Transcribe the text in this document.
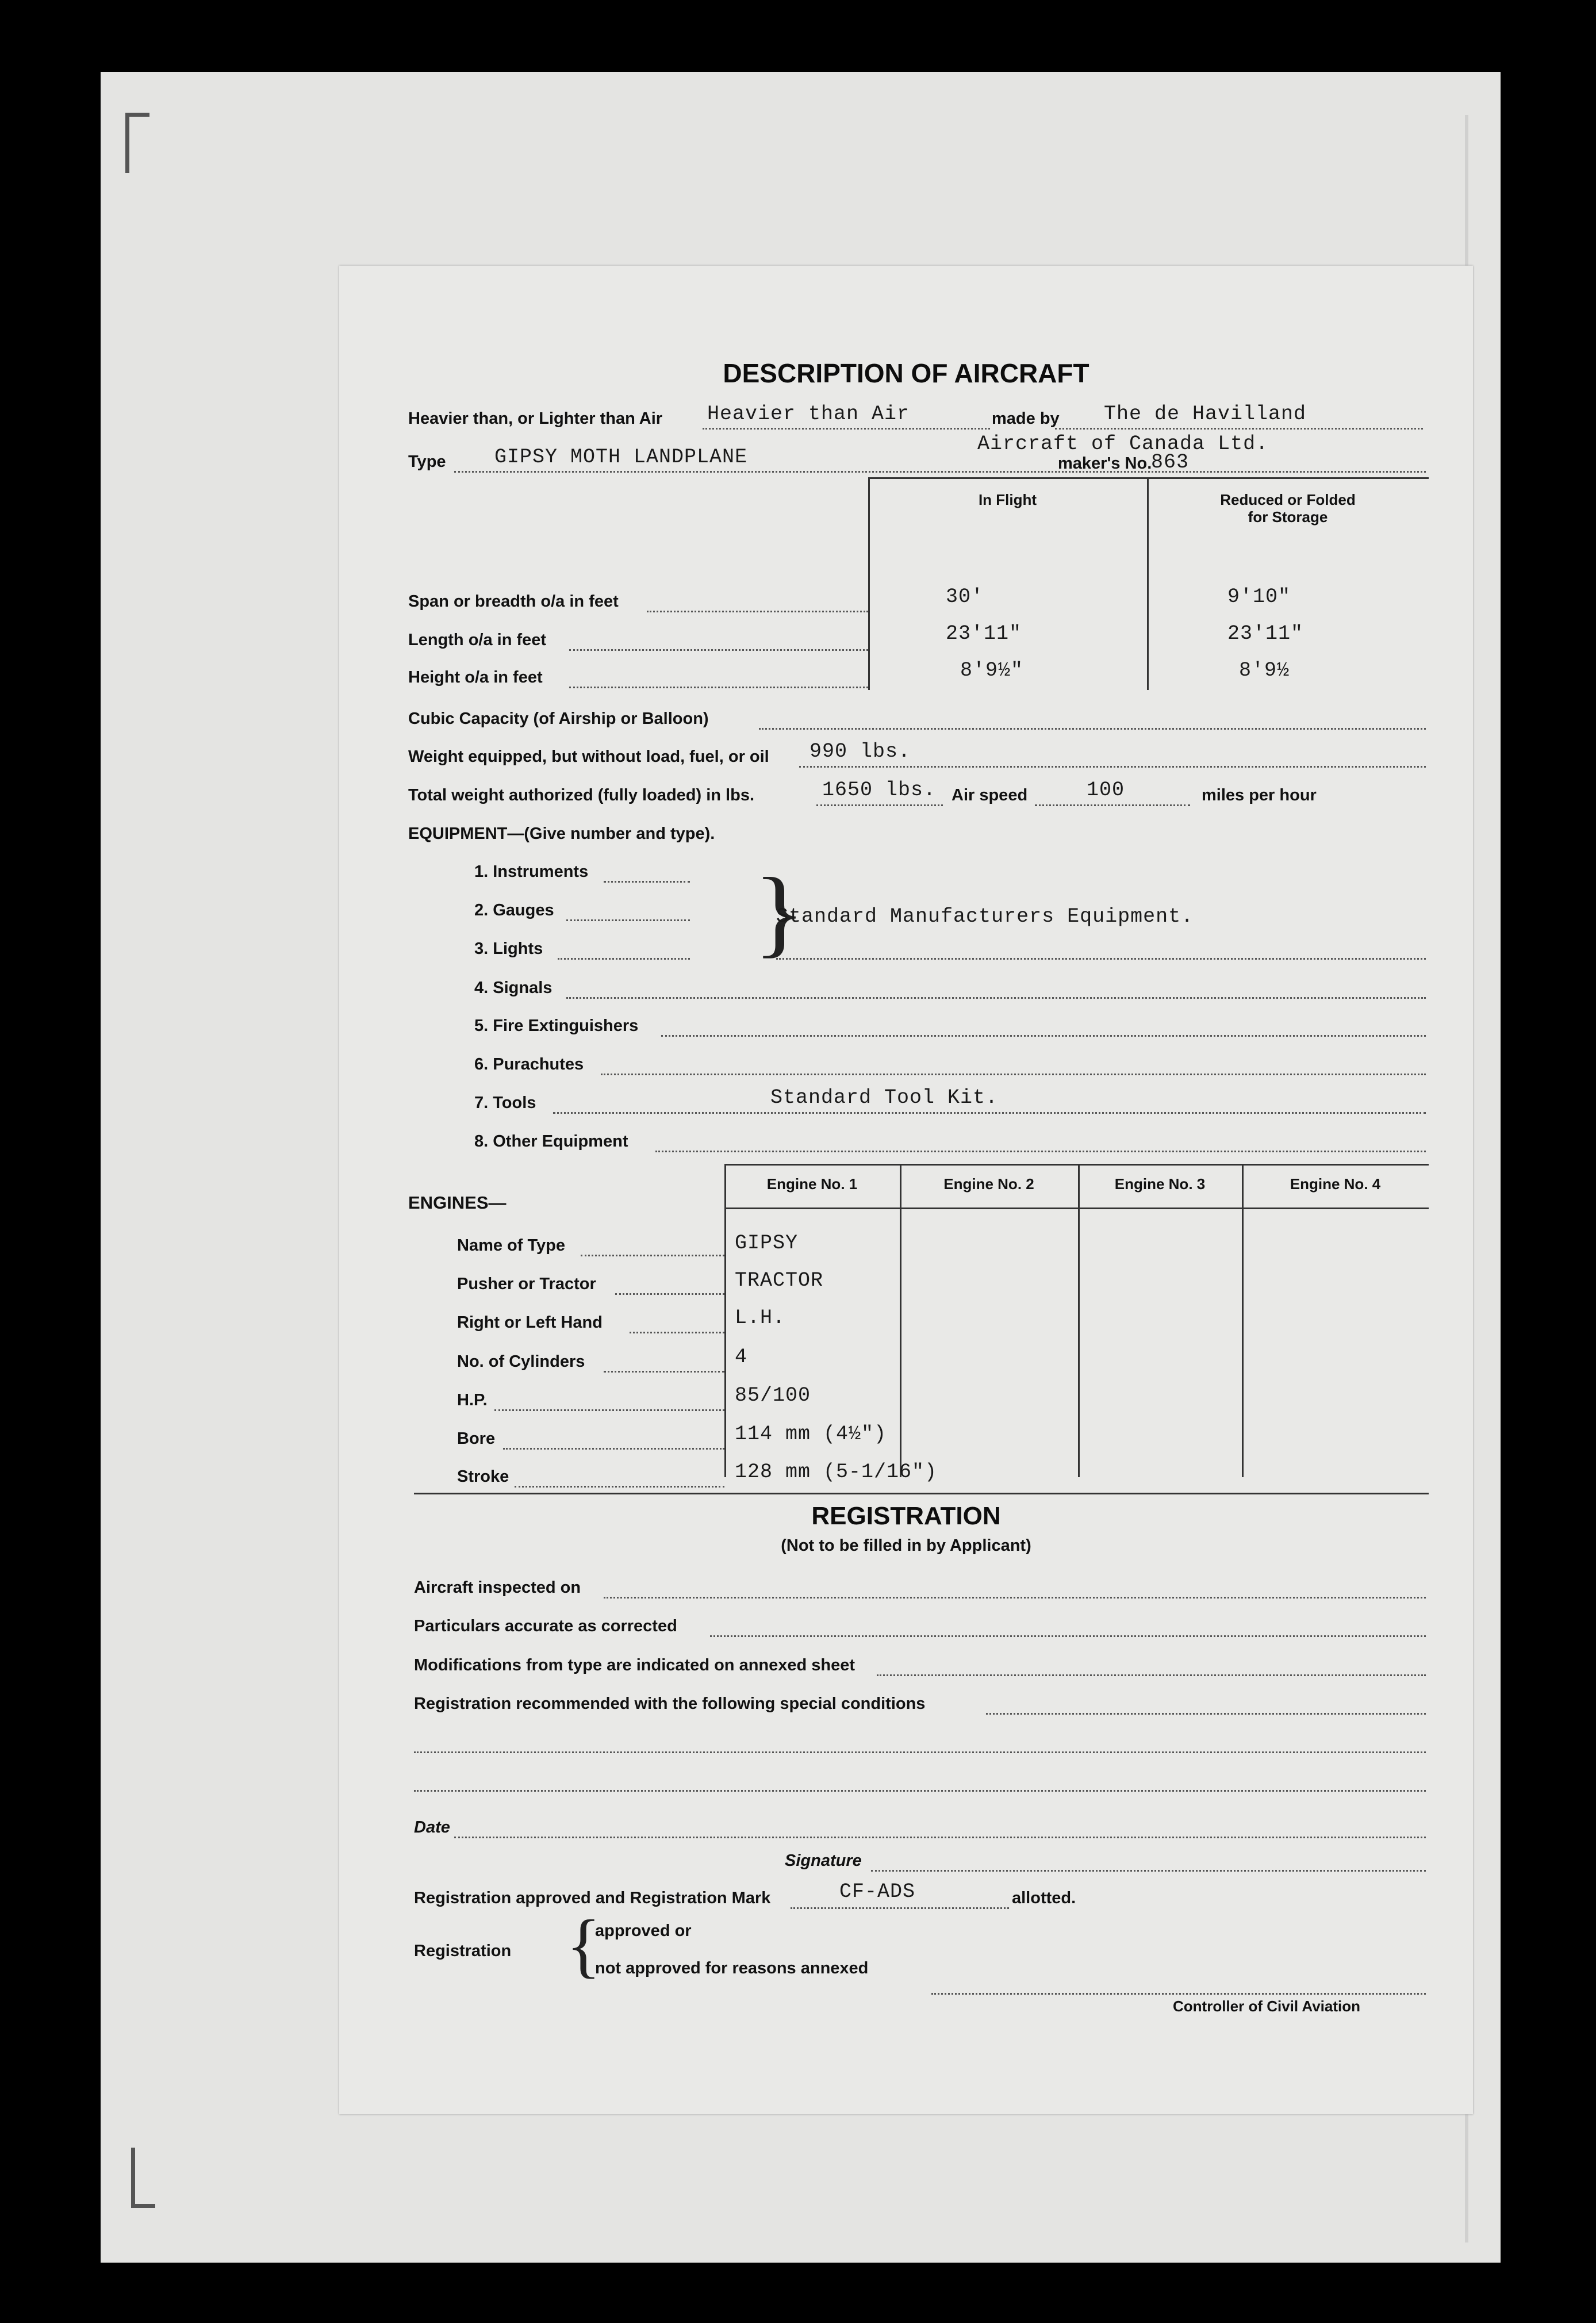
DESCRIPTION OF AIRCRAFT
Heavier than, or Lighter than Air Heavier than Air	made by The de Havilland
Aircraft of Canada Ltd.
Type GIPSY MOTH LANDPLANE	maker's No.
863
In Flight	Reduced or Folded
for Storage
Span or breadth o/a in feet	30'	9'10"
Length o/a in feet	23'11"	23'11"
Height o/a in feet	8'9½"	8'9½
Cubic Capacity (of Airship or Balloon)
Weight equipped, but without load, fuel, or oil 990 lbs.
Total weight authorized (fully loaded) in lbs.	1650 lbs. Air speed	100	miles per hour
EQUIPMENT—(Give number and type).
1. Instruments
2. Gauges
3. Lights }
Standard Manufacturers Equipment.
4. Signals
5. Fire Extinguishers
6. Purachutes
7. Tools	Standard Tool Kit.
8. Other Equipment
Engine No. 1	Engine No. 2	Engine No. 3	Engine No. 4
ENGINES—
Name of Type	GIPSY
Pusher or Tractor	TRACTOR
Right or Left Hand	L.H.
No. of Cylinders	4
H.P.	85/100
Bore	114 mm (4½")
Stroke	128 mm (5-1/16")
REGISTRATION
(Not to be filled in by Applicant)
Aircraft inspected on
Particulars accurate as corrected
Modifications from type are indicated on annexed sheet
Registration recommended with the following special conditions
Date
Signature
Registration approved and Registration Mark	CF-ADS	allotted.
Registration {
approved or
not approved for reasons annexed
Controller of Civil Aviation
